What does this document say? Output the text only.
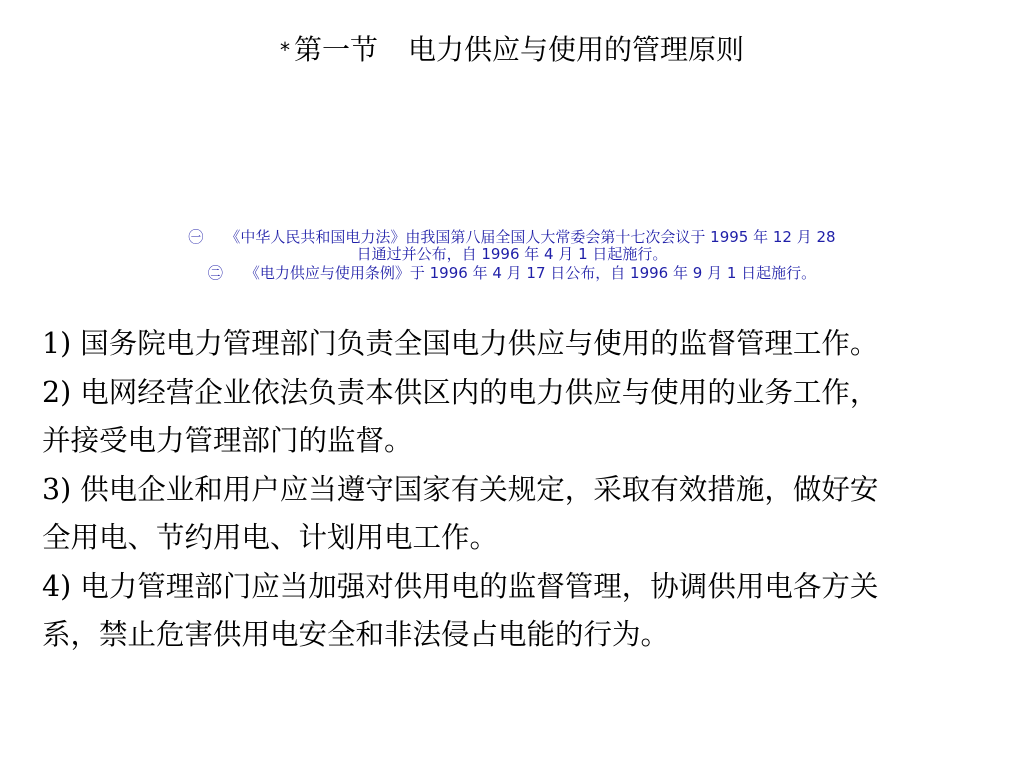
* 第一节 电力供应与使用的管理原则
㊀ 《中华人民共和国电力法》由我国第八届全国人大常委会第十七次会议于 1995 年 12 月 28
日通过并公布，自 1996 年 4 月 1 日起施行。
㊁ 《电力供应与使用条例》于 1996 年 4 月 17 日公布，自 1996 年 9 月 1 日起施行。
1) 国务院电力管理部门负责全国电力供应与使用的监督管理工作。
2) 电网经营企业依法负责本供区内的电力供应与使用的业务工作，
并接受电力管理部门的监督。
3) 供电企业和用户应当遵守国家有关规定，采取有效措施，做好安
全用电、节约用电、计划用电工作。
4) 电力管理部门应当加强对供用电的监督管理，协调供用电各方关
系，禁止危害供用电安全和非法侵占电能的行为。
